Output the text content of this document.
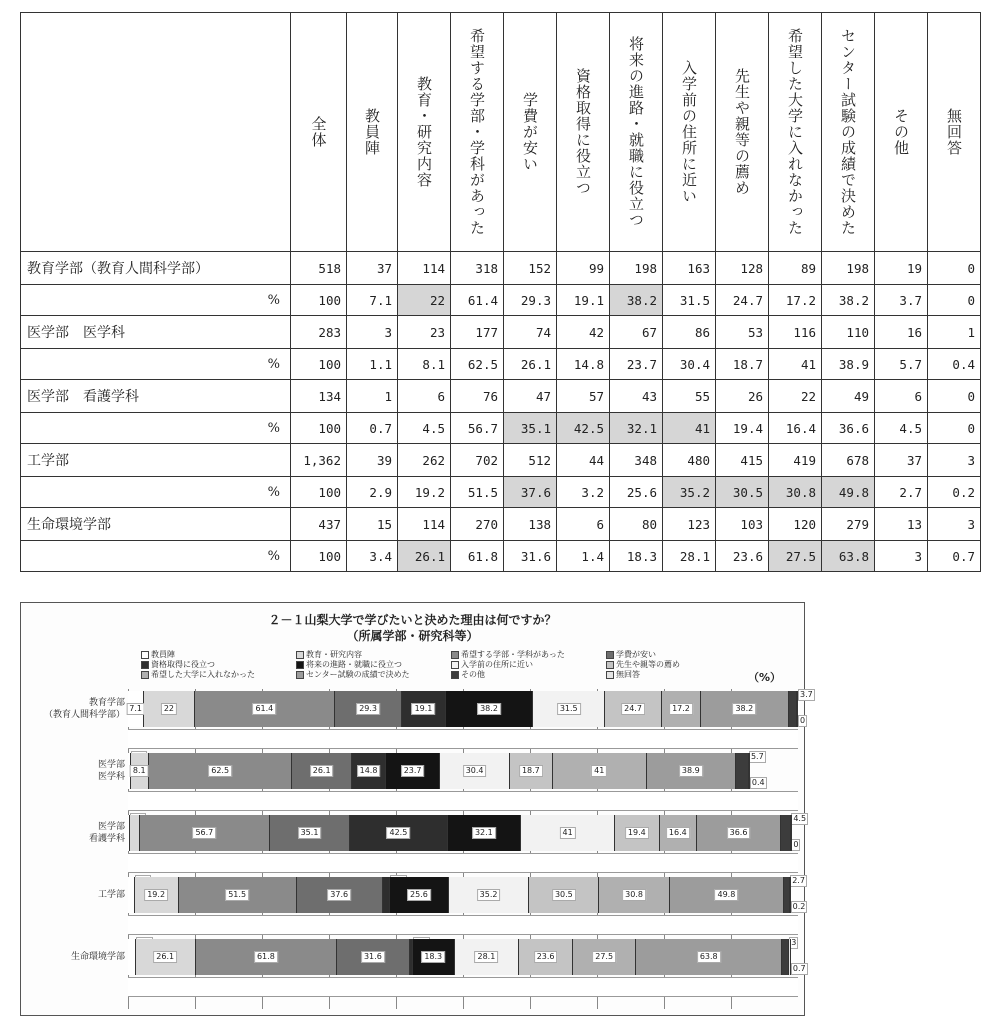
	全体	教員陣	教育・研究内容	希望する学部・学科があった	学費が安い	資格取得に役立つ	将来の進路・就職に役立つ	入学前の住所に近い	先生や親等の薦め	希望した大学に入れなかった	センター試験の成績で決めた	その他	無回答

教育学部（教育人間科学部）	518	37	114	318	152	99	198	163	128	89	198	19	0
%	100	7.1	22	61.4	29.3	19.1	38.2	31.5	24.7	17.2	38.2	3.7	0
医学部　医学科	283	3	23	177	74	42	67	86	53	116	110	16	1
%	100	1.1	8.1	62.5	26.1	14.8	23.7	30.4	18.7	41	38.9	5.7	0.4
医学部　看護学科	134	1	6	76	47	57	43	55	26	22	49	6	0
%	100	0.7	4.5	56.7	35.1	42.5	32.1	41	19.4	16.4	36.6	4.5	0
工学部	1,362	39	262	702	512	44	348	480	415	419	678	37	3
%	100	2.9	19.2	51.5	37.6	3.2	25.6	35.2	30.5	30.8	49.8	2.7	0.2
生命環境学部	437	15	114	270	138	6	80	123	103	120	279	13	3
%	100	3.4	26.1	61.8	31.6	1.4	18.3	28.1	23.6	27.5	63.8	3	0.7
２－１山梨大学で学びたいと決めた理由は何ですか？
（所属学部・研究科等）
教員陣	教育・研究内容	希望する学部・学科があった	学費が安い
資格取得に役立つ	将来の進路・就職に役立つ	入学前の住所に近い	先生や親等の薦め
希望した大学に入れなかった	センター試験の成績で決めた	その他	無回答	（%）
教育学部
（教育人間科学部）
医学部
医学科
医学部
看護学科
工学部
生命環境学部
7.1	22	61.4	29.3	19.1	38.2	31.5	24.7	17.2	38.2
3.7
0
8.1	62.5	26.1	14.8	23.7	30.4	18.7	41	38.9
5.7
0.4
56.7	35.1	42.5	32.1	41	19.4	16.4	36.6
4.5
0
19.2	51.5	37.6	25.6	35.2	30.5	30.8	49.8
2.7
0.2
26.1	61.8	31.6	18.3	28.1	23.6	27.5	63.8
3
0.7
